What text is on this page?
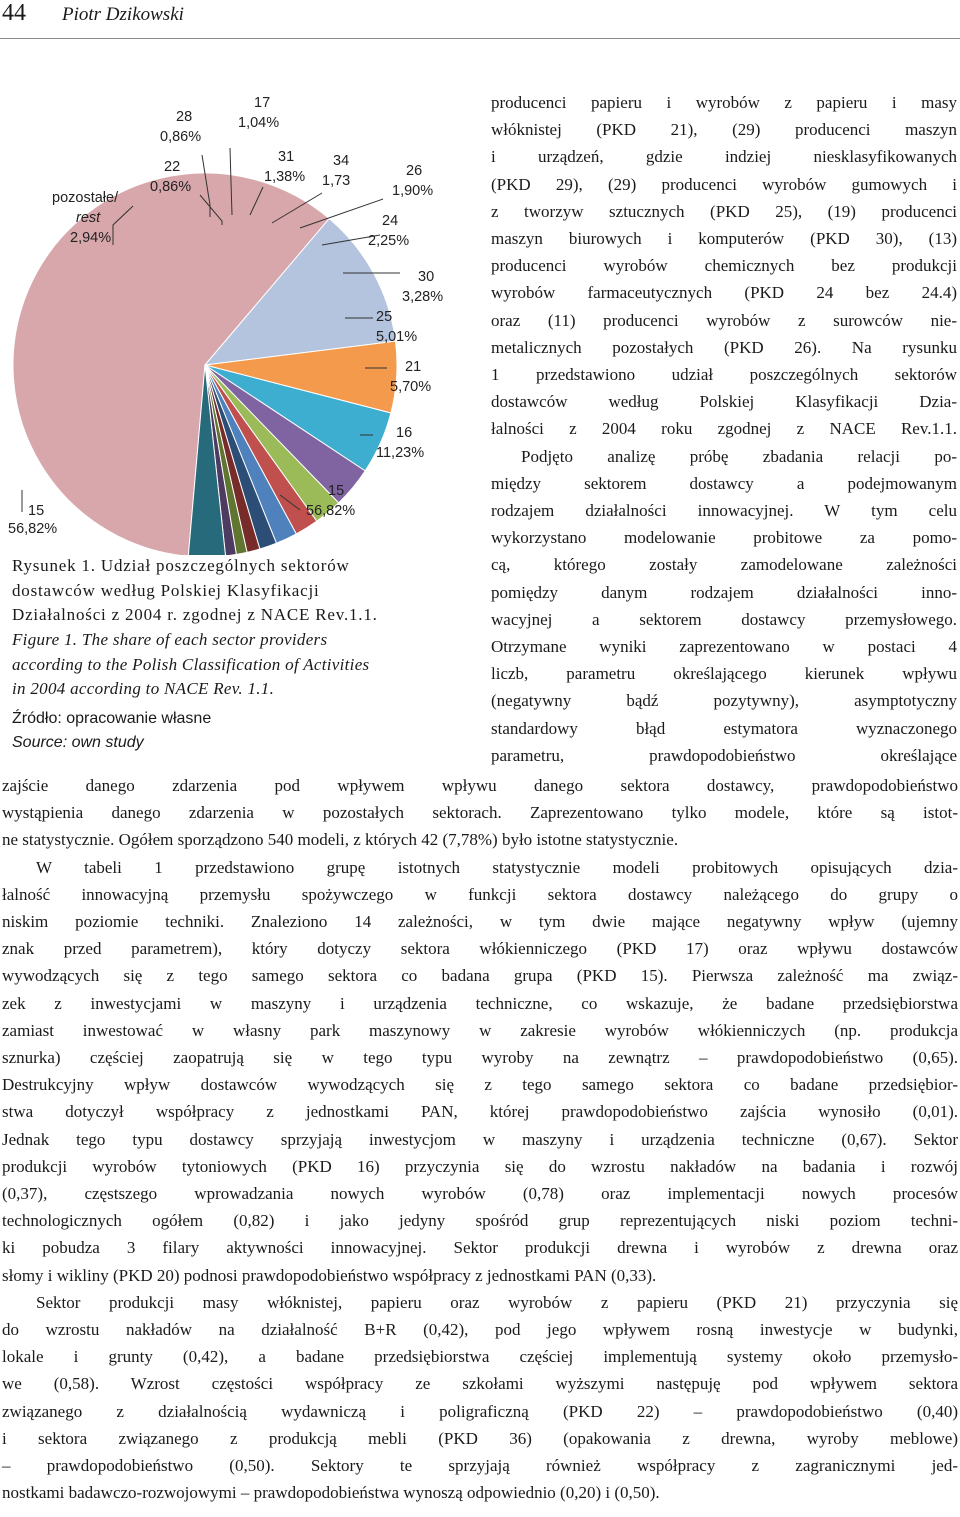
44 Piotr Dzikowski
pozostałe/
rest
2,94%
28
0,86%
22
0,86%
17
1,04%
31
1,38%
34
1,73
26
1,90%
24
2,25%
30
3,28%
25
5,01%
21
5,70%
16
11,23%
15
56,82%
15
56,82%
Rysunek 1. Udział poszczególnych sektorów
dostawców według Polskiej Klasyfikacji
Działalności z 2004 r. zgodnej z NACE Rev.1.1.
Figure 1. The share of each sector providers
according to the Polish Classification of Activities
in 2004 according to NACE Rev. 1.1.
Źródło: opracowanie własne
Source: own study
producenci papieru i wyrobów z papieru i masy
włóknistej (PKD 21), (29) producenci maszyn
i urządzeń, gdzie indziej niesklasyfikowanych
(PKD 29), (29) producenci wyrobów gumowych i
z tworzyw sztucznych (PKD 25), (19) producenci
maszyn biurowych i komputerów (PKD 30), (13)
producenci wyrobów chemicznych bez produkcji
wyrobów farmaceutycznych (PKD 24 bez 24.4)
oraz (11) producenci wyrobów z surowców nie-
metalicznych pozostałych (PKD 26). Na rysunku
1 przedstawiono udział poszczególnych sektorów
dostawców według Polskiej Klasyfikacji Dzia-
łalności z 2004 roku zgodnej z NACE Rev.1.1.
Podjęto analizę próbę zbadania relacji po-
między sektorem dostawcy a podejmowanym
rodzajem działalności innowacyjnej. W tym celu
wykorzystano modelowanie probitowe za pomo-
cą, którego zostały zamodelowane zależności
pomiędzy danym rodzajem działalności inno-
wacyjnej a sektorem dostawcy przemysłowego.
Otrzymane wyniki zaprezentowano w postaci 4
liczb, parametru określającego kierunek wpływu
(negatywny bądź pozytywny), asymptotyczny
standardowy błąd estymatora wyznaczonego
parametru, prawdopodobieństwo określające
zajście danego zdarzenia pod wpływem wpływu danego sektora dostawcy, prawdopodobieństwo
wystąpienia danego zdarzenia w pozostałych sektorach. Zaprezentowano tylko modele, które są istot-
ne statystycznie. Ogółem sporządzono 540 modeli, z których 42 (7,78%) było istotne statystycznie.
W tabeli 1 przedstawiono grupę istotnych statystycznie modeli probitowych opisujących dzia-
łalność innowacyjną przemysłu spożywczego w funkcji sektora dostawcy należącego do grupy o
niskim poziomie techniki. Znaleziono 14 zależności, w tym dwie mające negatywny wpływ (ujemny
znak przed parametrem), który dotyczy sektora włókienniczego (PKD 17) oraz wpływu dostawców
wywodzących się z tego samego sektora co badana grupa (PKD 15). Pierwsza zależność ma związ-
zek z inwestycjami w maszyny i urządzenia techniczne, co wskazuje, że badane przedsiębiorstwa
zamiast inwestować w własny park maszynowy w zakresie wyrobów włókienniczych (np. produkcja
sznurka) częściej zaopatrują się w tego typu wyroby na zewnątrz – prawdopodobieństwo (0,65).
Destrukcyjny wpływ dostawców wywodzących się z tego samego sektora co badane przedsiębior-
stwa dotyczył współpracy z jednostkami PAN, której prawdopodobieństwo zajścia wynosiło (0,01).
Jednak tego typu dostawcy sprzyjają inwestycjom w maszyny i urządzenia techniczne (0,67). Sektor
produkcji wyrobów tytoniowych (PKD 16) przyczynia się do wzrostu nakładów na badania i rozwój
(0,37), częstszego wprowadzania nowych wyrobów (0,78) oraz implementacji nowych procesów
technologicznych ogółem (0,82) i jako jedyny spośród grup reprezentujących niski poziom techni-
ki pobudza 3 filary aktywności innowacyjnej. Sektor produkcji drewna i wyrobów z drewna oraz
słomy i wikliny (PKD 20) podnosi prawdopodobieństwo współpracy z jednostkami PAN (0,33).
Sektor produkcji masy włóknistej, papieru oraz wyrobów z papieru (PKD 21) przyczynia się
do wzrostu nakładów na działalność B+R (0,42), pod jego wpływem rosną inwestycje w budynki,
lokale i grunty (0,42), a badane przedsiębiorstwa częściej implementują systemy około przemysło-
we (0,58). Wzrost częstości współpracy ze szkołami wyższymi następuję pod wpływem sektora
związanego z działalnością wydawniczą i poligraficzną (PKD 22) – prawdopodobieństwo (0,40)
i sektora związanego z produkcją mebli (PKD 36) (opakowania z drewna, wyroby meblowe)
– prawdopodobieństwo (0,50). Sektory te sprzyjają również współpracy z zagranicznymi jed-
nostkami badawczo-rozwojowymi – prawdopodobieństwa wynoszą odpowiednio (0,20) i (0,50).
